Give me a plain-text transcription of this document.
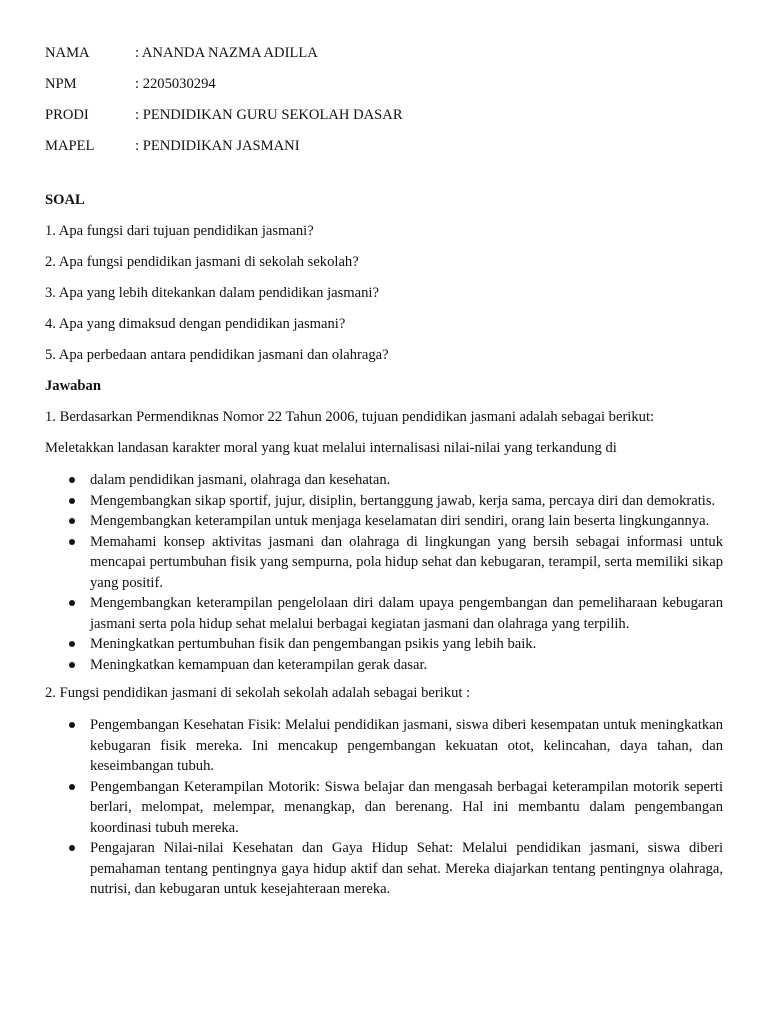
NAMA	: ANANDA NAZMA ADILLA
NPM	: 2205030294
PRODI	: PENDIDIKAN GURU SEKOLAH DASAR
MAPEL	: PENDIDIKAN JASMANI
SOAL
1. Apa fungsi dari tujuan pendidikan jasmani?
2. Apa fungsi pendidikan jasmani di sekolah sekolah?
3. Apa yang lebih ditekankan dalam pendidikan jasmani?
4. Apa yang dimaksud dengan pendidikan jasmani?
5. Apa perbedaan antara pendidikan jasmani dan olahraga?
Jawaban
1. Berdasarkan Permendiknas Nomor 22 Tahun 2006, tujuan pendidikan jasmani adalah sebagai berikut:
Meletakkan landasan karakter moral yang kuat melalui internalisasi nilai-nilai yang terkandung di
dalam pendidikan jasmani, olahraga dan kesehatan.
Mengembangkan sikap sportif, jujur, disiplin, bertanggung jawab, kerja sama, percaya diri dan demokratis.
Mengembangkan keterampilan untuk menjaga keselamatan diri sendiri, orang lain beserta lingkungannya.
Memahami konsep aktivitas jasmani dan olahraga di lingkungan yang bersih sebagai informasi untuk mencapai pertumbuhan fisik yang sempurna, pola hidup sehat dan kebugaran, terampil, serta memiliki sikap yang positif.
Mengembangkan keterampilan pengelolaan diri dalam upaya pengembangan dan pemeliharaan kebugaran jasmani serta pola hidup sehat melalui berbagai kegiatan jasmani dan olahraga yang terpilih.
Meningkatkan pertumbuhan fisik dan pengembangan psikis yang lebih baik.
Meningkatkan kemampuan dan keterampilan gerak dasar.
2. Fungsi pendidikan jasmani di sekolah sekolah adalah sebagai berikut :
Pengembangan Kesehatan Fisik: Melalui pendidikan jasmani, siswa diberi kesempatan untuk meningkatkan kebugaran fisik mereka. Ini mencakup pengembangan kekuatan otot, kelincahan, daya tahan, dan keseimbangan tubuh.
Pengembangan Keterampilan Motorik: Siswa belajar dan mengasah berbagai keterampilan motorik seperti berlari, melompat, melempar, menangkap, dan berenang. Hal ini membantu dalam pengembangan koordinasi tubuh mereka.
Pengajaran Nilai-nilai Kesehatan dan Gaya Hidup Sehat: Melalui pendidikan jasmani, siswa diberi pemahaman tentang pentingnya gaya hidup aktif dan sehat. Mereka diajarkan tentang pentingnya olahraga, nutrisi, dan kebugaran untuk kesejahteraan mereka.
